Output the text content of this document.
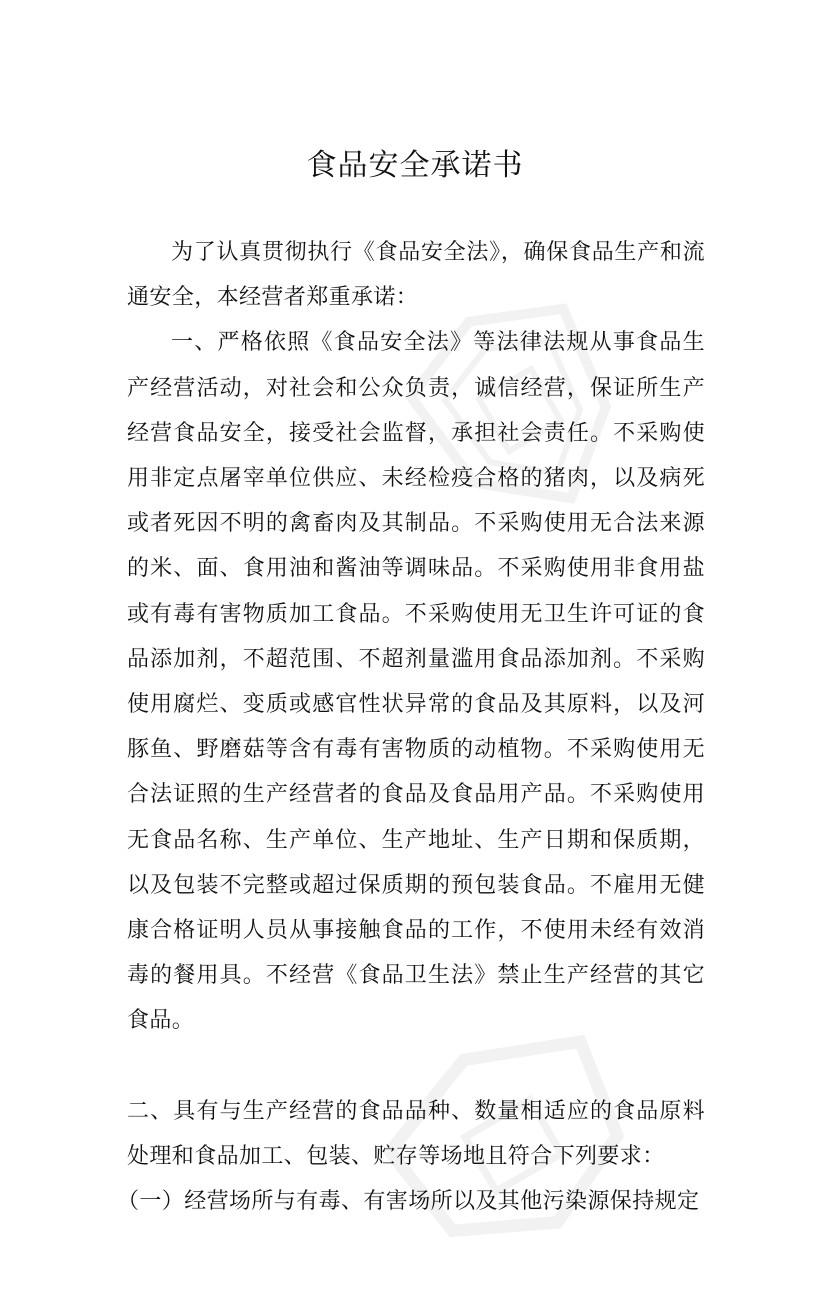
食品安全承诺书

为了认真贯彻执行《食品安全法》，确保食品生产和流通安全，本经营者郑重承诺：

一、严格依照《食品安全法》等法律法规从事食品生产经营活动，对社会和公众负责，诚信经营，保证所生产经营食品安全，接受社会监督，承担社会责任。不采购使用非定点屠宰单位供应、未经检疫合格的猪肉，以及病死或者死因不明的禽畜肉及其制品。不采购使用无合法来源的米、面、食用油和酱油等调味品。不采购使用非食用盐或有毒有害物质加工食品。不采购使用无卫生许可证的食品添加剂，不超范围、不超剂量滥用食品添加剂。不采购使用腐烂、变质或感官性状异常的食品及其原料，以及河豚鱼、野磨菇等含有毒有害物质的动植物。不采购使用无合法证照的生产经营者的食品及食品用产品。不采购使用无食品名称、生产单位、生产地址、生产日期和保质期，以及包装不完整或超过保质期的预包装食品。不雇用无健康合格证明人员从事接触食品的工作，不使用未经有效消毒的餐用具。不经营《食品卫生法》禁止生产经营的其它食品。

二、具有与生产经营的食品品种、数量相适应的食品原料处理和食品加工、包装、贮存等场地且符合下列要求：

（一）经营场所与有毒、有害场所以及其他污染源保持规定
